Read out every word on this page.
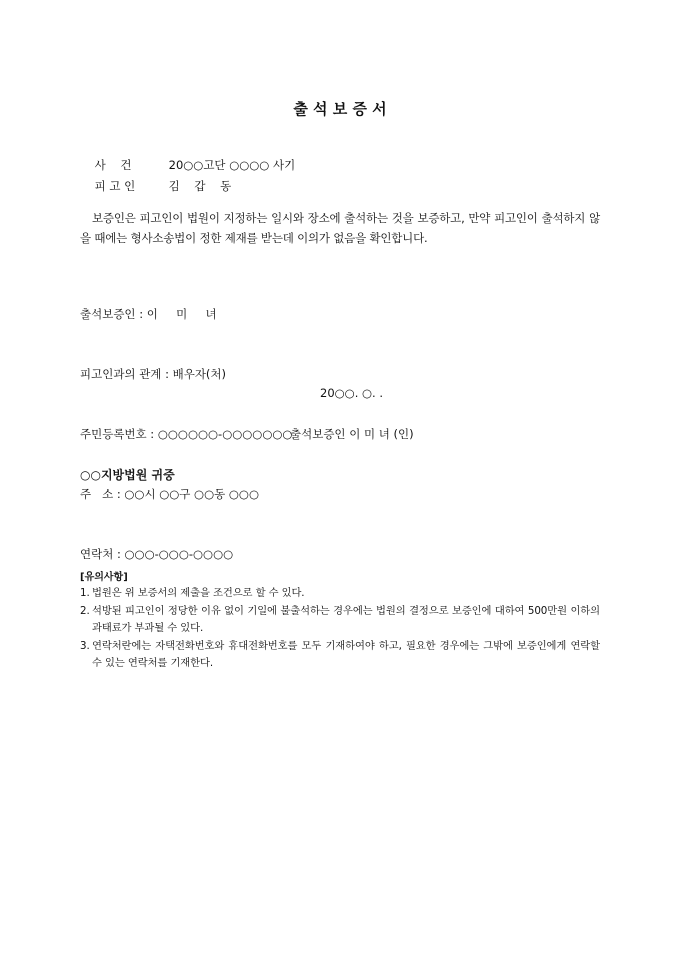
출 석 보 증 서

사    건	20○○고단 ○○○○ 사기

피 고 인	김    갑    동

보증인은 피고인이 법원이 지정하는 일시와 장소에 출석하는 것을 보증하고, 만약 피고인이 출석하지 않을 때에는 형사소송법이 정한 제재를 받는데 이의가 없음을 확인합니다.

출석보증인 : 이     미     녀

피고인과의 관계 : 배우자(처)

주민등록번호 : ○○○○○○-○○○○○○○

주   소 : ○○시 ○○구 ○○동 ○○○

연락처 : ○○○-○○○-○○○○

20○○. ○. .
출석보증인 이 미 녀 (인)
○○지방법원 귀중
[유의사항]
1. 법원은 위 보증서의 제출을 조건으로 할 수 있다.
2. 석방된 피고인이 정당한 이유 없이 기일에 불출석하는 경우에는 법원의 결정으로 보증인에 대하여 500만원 이하의 과태료가 부과될 수 있다.
3. 연락처란에는 자택전화번호와 휴대전화번호를 모두 기재하여야 하고, 필요한 경우에는 그밖에 보증인에게 연락할 수 있는 연락처를 기재한다.
